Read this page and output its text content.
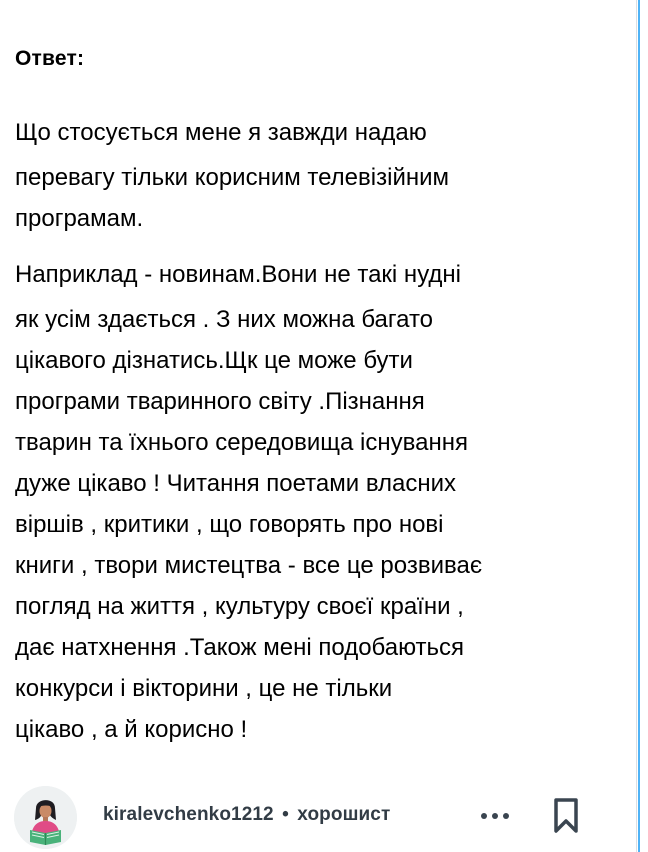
Ответ:

Що стосується мене я завжди надаю
перевагу тільки корисним телевізійним
програмам.

Наприклад - новинам.Вони не такі нудні
як усім здається . З них можна багато
цікавого дізнатись.Щк це може бути
програми тваринного світу .Пізнання
тварин та їхнього середовища існування
дуже цікаво ! Читання поетами власних
віршів , критики , що говорять про нові
книги , твори мистецтва - все це розвиває
погляд на життя , культуру своєї країни ,
дає натхнення .Також мені подобаються
конкурси і вікторини , це не тільки
цікаво , а й корисно !

kiralevchenko1212 • хорошист
